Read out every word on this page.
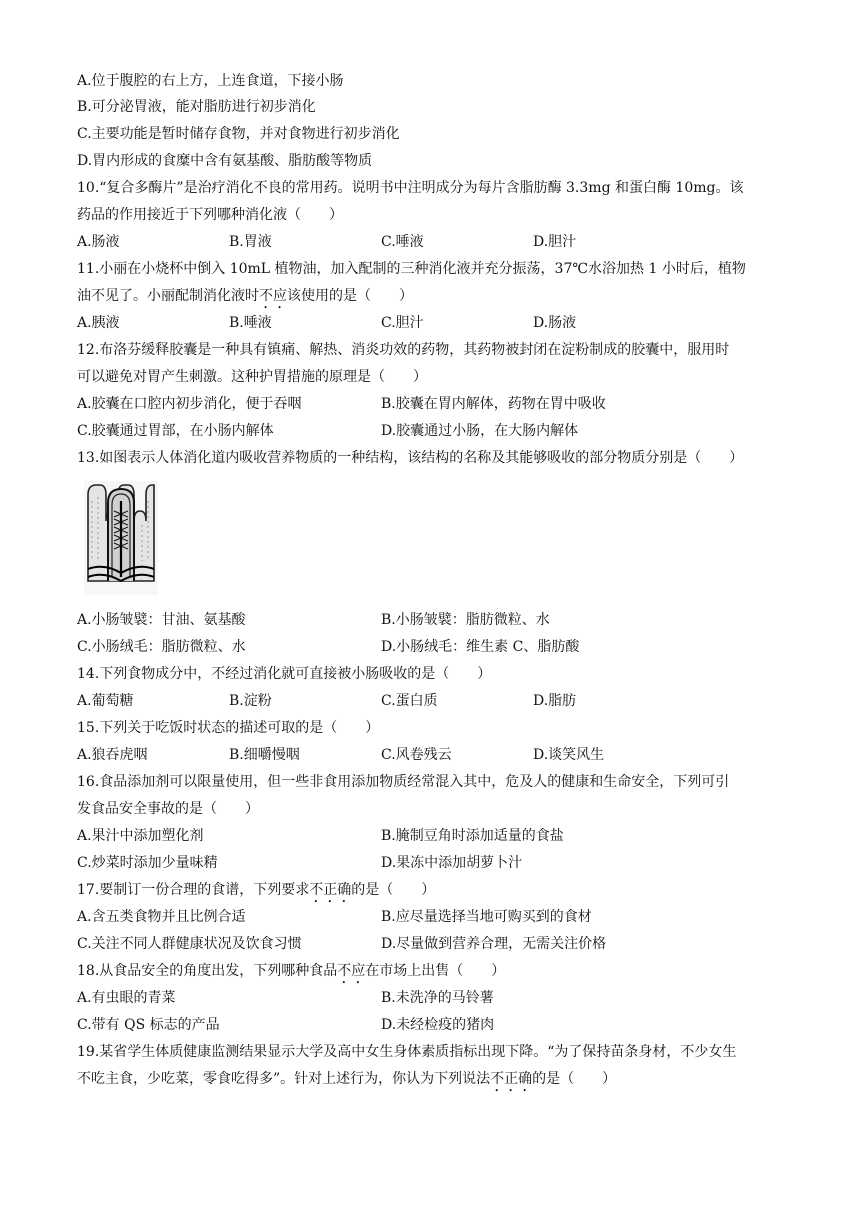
A.位于腹腔的右上方，上连食道，下接小肠
B.可分泌胃液，能对脂肪进行初步消化
C.主要功能是暂时储存食物，并对食物进行初步消化
D.胃内形成的食糜中含有氨基酸、脂肪酸等物质
10.“复合多酶片”是治疗消化不良的常用药。说明书中注明成分为每片含脂肪酶 3.3mg 和蛋白酶 10mg。该
药品的作用接近于下列哪种消化液（　　）
A.肠液	B.胃液	C.唾液	D.胆汁
11.小丽在小烧杯中倒入 10mL 植物油，加入配制的三种消化液并充分振荡，37℃水浴加热 1 小时后，植物
油不见了。小丽配制消化液时不应该使用的是（　　）
A.胰液	B.唾液	C.胆汁	D.肠液
12.布洛芬缓释胶囊是一种具有镇痛、解热、消炎功效的药物，其药物被封闭在淀粉制成的胶囊中，服用时
可以避免对胃产生刺激。这种护胃措施的原理是（　　）
A.胶囊在口腔内初步消化，便于吞咽	B.胶囊在胃内解体，药物在胃中吸收
C.胶囊通过胃部，在小肠内解体	D.胶囊通过小肠，在大肠内解体
13.如图表示人体消化道内吸收营养物质的一种结构，该结构的名称及其能够吸收的部分物质分别是（　　）
A.小肠皱襞：甘油、氨基酸	B.小肠皱襞：脂肪微粒、水
C.小肠绒毛：脂肪微粒、水	D.小肠绒毛：维生素 C、脂肪酸
14.下列食物成分中，不经过消化就可直接被小肠吸收的是（　　）
A.葡萄糖	B.淀粉	C.蛋白质	D.脂肪
15.下列关于吃饭时状态的描述可取的是（　　）
A.狼吞虎咽	B.细嚼慢咽	C.风卷残云	D.谈笑风生
16.食品添加剂可以限量使用，但一些非食用添加物质经常混入其中，危及人的健康和生命安全，下列可引
发食品安全事故的是（　　）
A.果汁中添加塑化剂	B.腌制豆角时添加适量的食盐
C.炒菜时添加少量味精	D.果冻中添加胡萝卜汁
17.要制订一份合理的食谱，下列要求不正确的是（　　）
A.含五类食物并且比例合适	B.应尽量选择当地可购买到的食材
C.关注不同人群健康状况及饮食习惯	D.尽量做到营养合理，无需关注价格
18.从食品安全的角度出发，下列哪种食品不应在市场上出售（　　）
A.有虫眼的青菜	B.未洗净的马铃薯
C.带有 QS 标志的产品	D.未经检疫的猪肉
19.某省学生体质健康监测结果显示大学及高中女生身体素质指标出现下降。“为了保持苗条身材，不少女生
不吃主食，少吃菜，零食吃得多”。针对上述行为，你认为下列说法不正确的是（　　）
